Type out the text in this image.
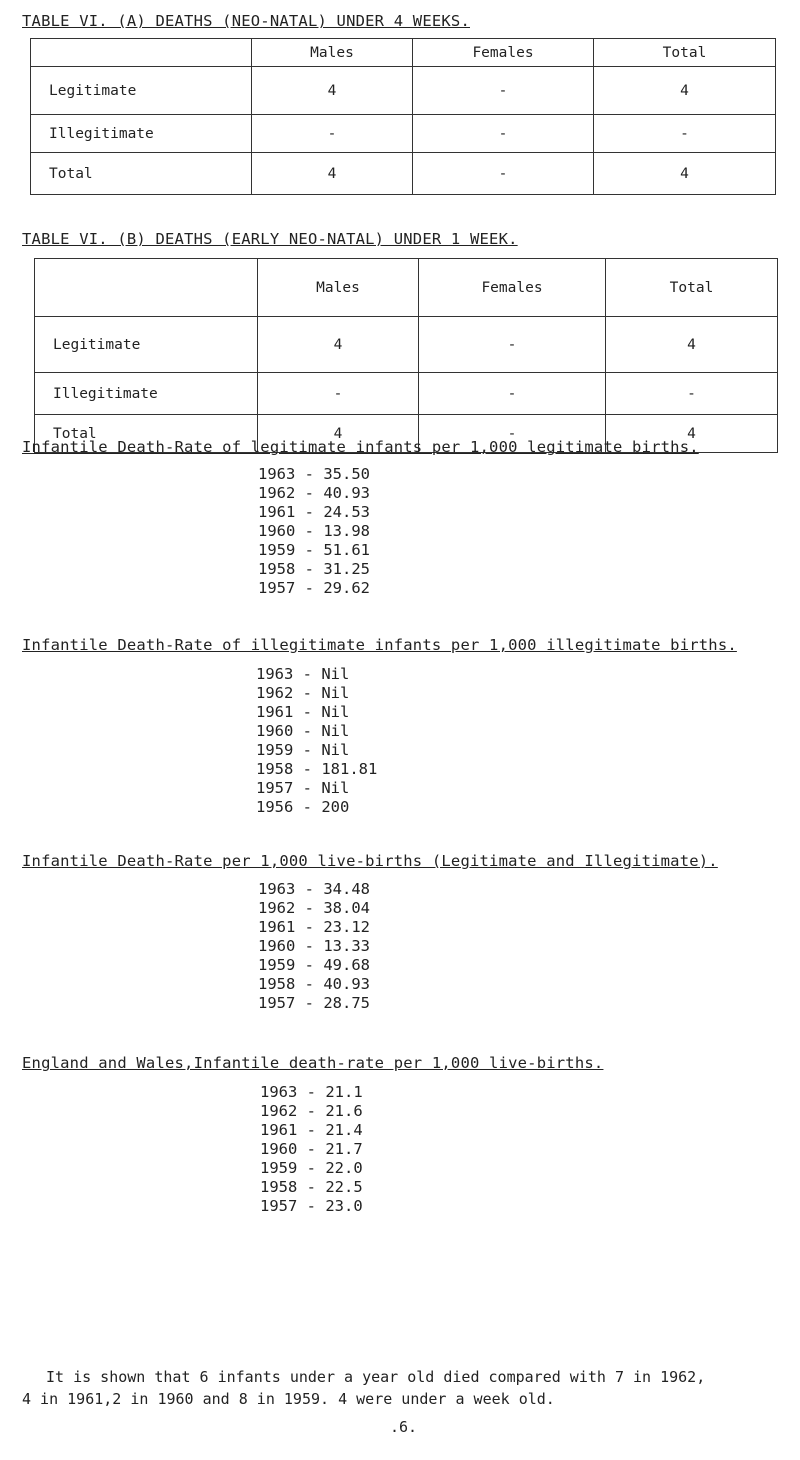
TABLE VI. (A) DEATHS (NEO-NATAL) UNDER 4 WEEKS.
	Males	Females	Total
Legitimate	4	-	4
Illegitimate	-	-	-
Total	4	-	4
TABLE VI. (B) DEATHS (EARLY NEO-NATAL) UNDER 1 WEEK.
	Males	Females	Total
Legitimate	4	-	4
Illegitimate	-	-	-
Total	4	-	4
Infantile Death-Rate of legitimate infants per 1,000 legitimate births.
1963 - 35.50
1962 - 40.93
1961 - 24.53
1960 - 13.98
1959 - 51.61
1958 - 31.25
1957 - 29.62
Infantile Death-Rate of illegitimate infants per 1,000 illegitimate births.
1963 - Nil
1962 - Nil
1961 - Nil
1960 - Nil
1959 - Nil
1958 - 181.81
1957 - Nil
1956 - 200
Infantile Death-Rate per 1,000 live-births (Legitimate and Illegitimate).
1963 - 34.48
1962 - 38.04
1961 - 23.12
1960 - 13.33
1959 - 49.68
1958 - 40.93
1957 - 28.75
England and Wales,Infantile death-rate per 1,000 live-births.
1963 - 21.1
1962 - 21.6
1961 - 21.4
1960 - 21.7
1959 - 22.0
1958 - 22.5
1957 - 23.0

It is shown that 6 infants under a year old died compared with 7 in 1962,

4 in 1961,2 in 1960 and 8 in 1959. 4 were under a week old.

.6.
